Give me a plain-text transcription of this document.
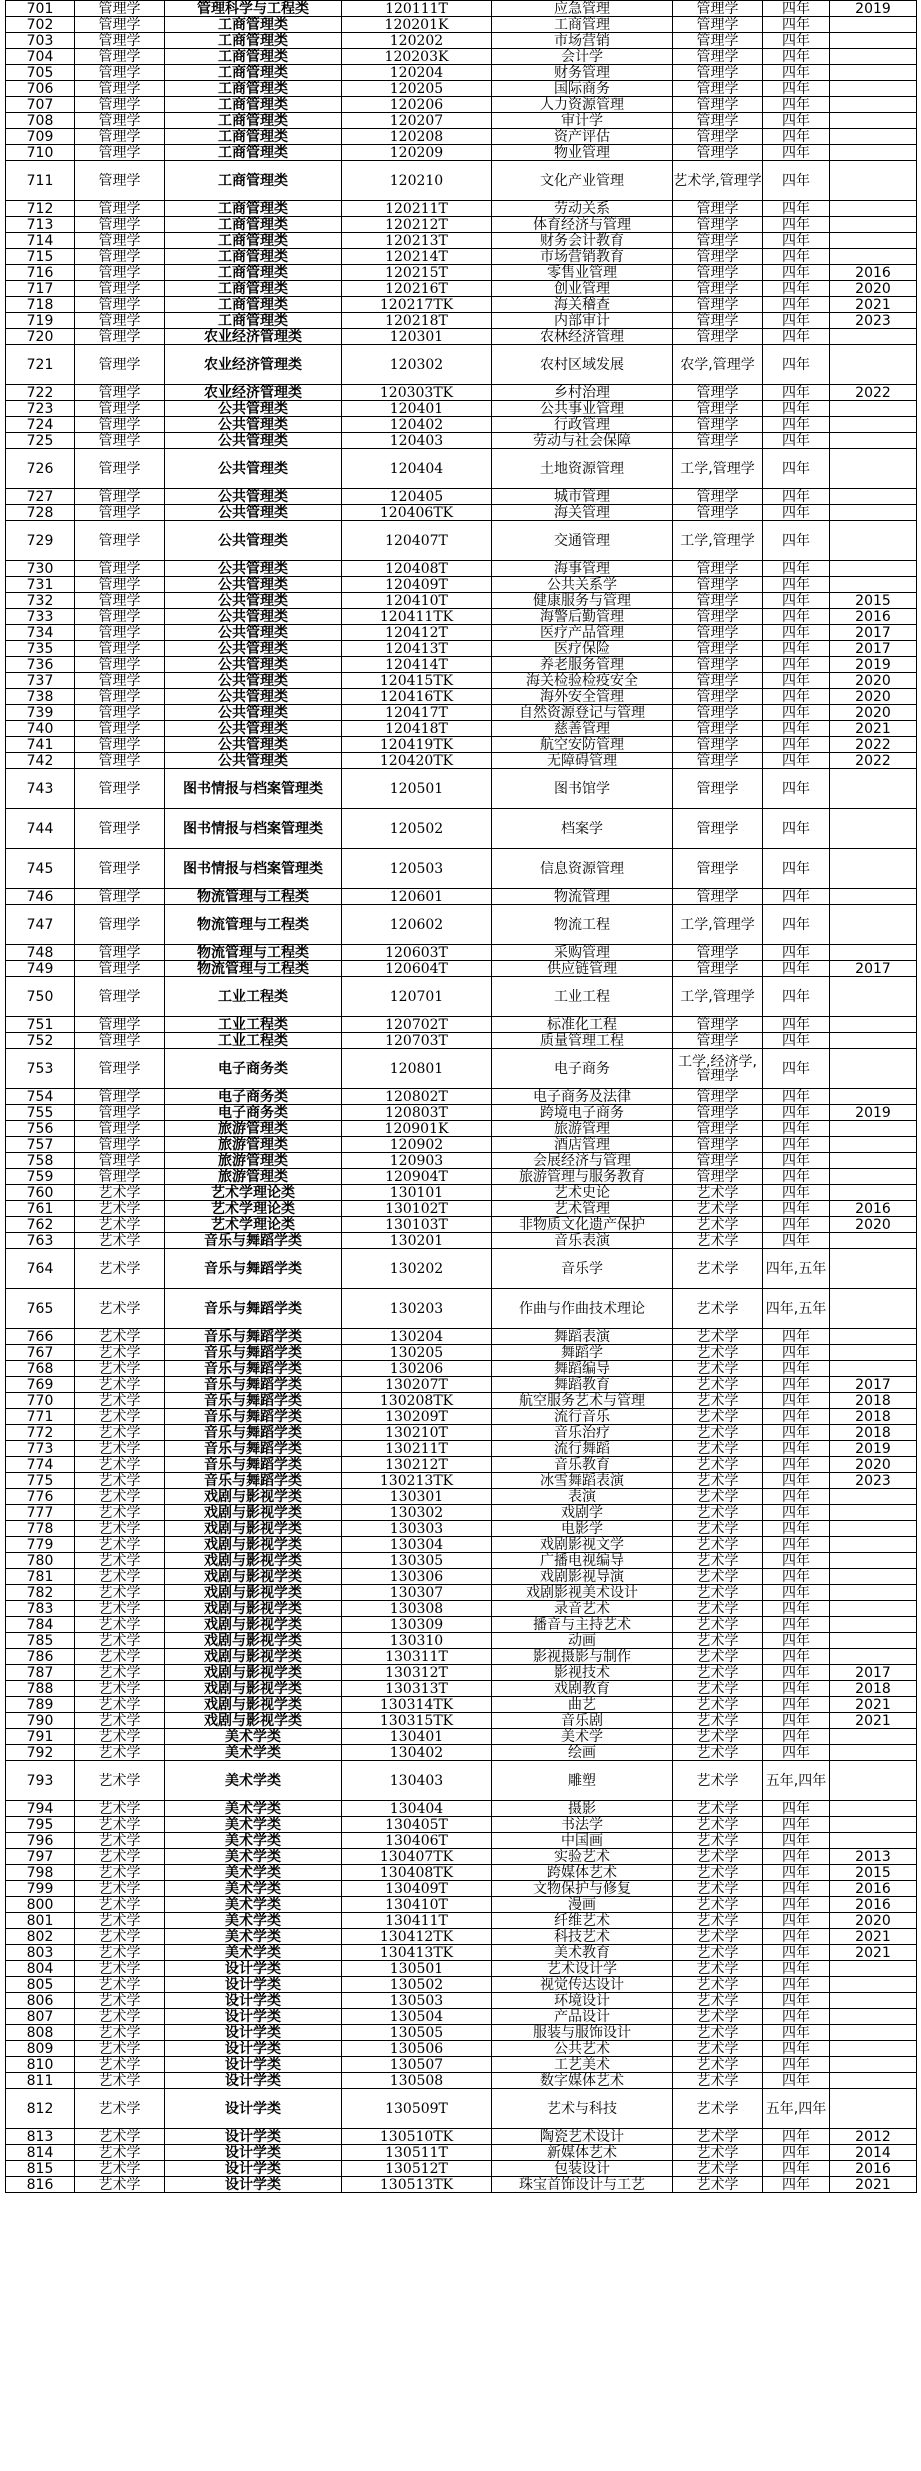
701	管理学	管理科学与工程类	120111T	应急管理	管理学	四年	2019
702	管理学	工商管理类	120201K	工商管理	管理学	四年	
703	管理学	工商管理类	120202	市场营销	管理学	四年	
704	管理学	工商管理类	120203K	会计学	管理学	四年	
705	管理学	工商管理类	120204	财务管理	管理学	四年	
706	管理学	工商管理类	120205	国际商务	管理学	四年	
707	管理学	工商管理类	120206	人力资源管理	管理学	四年	
708	管理学	工商管理类	120207	审计学	管理学	四年	
709	管理学	工商管理类	120208	资产评估	管理学	四年	
710	管理学	工商管理类	120209	物业管理	管理学	四年	
711	管理学	工商管理类	120210	文化产业管理	艺术学,管理学	四年	
712	管理学	工商管理类	120211T	劳动关系	管理学	四年	
713	管理学	工商管理类	120212T	体育经济与管理	管理学	四年	
714	管理学	工商管理类	120213T	财务会计教育	管理学	四年	
715	管理学	工商管理类	120214T	市场营销教育	管理学	四年	
716	管理学	工商管理类	120215T	零售业管理	管理学	四年	2016
717	管理学	工商管理类	120216T	创业管理	管理学	四年	2020
718	管理学	工商管理类	120217TK	海关稽查	管理学	四年	2021
719	管理学	工商管理类	120218T	内部审计	管理学	四年	2023
720	管理学	农业经济管理类	120301	农林经济管理	管理学	四年	
721	管理学	农业经济管理类	120302	农村区域发展	农学,管理学	四年	
722	管理学	农业经济管理类	120303TK	乡村治理	管理学	四年	2022
723	管理学	公共管理类	120401	公共事业管理	管理学	四年	
724	管理学	公共管理类	120402	行政管理	管理学	四年	
725	管理学	公共管理类	120403	劳动与社会保障	管理学	四年	
726	管理学	公共管理类	120404	土地资源管理	工学,管理学	四年	
727	管理学	公共管理类	120405	城市管理	管理学	四年	
728	管理学	公共管理类	120406TK	海关管理	管理学	四年	
729	管理学	公共管理类	120407T	交通管理	工学,管理学	四年	
730	管理学	公共管理类	120408T	海事管理	管理学	四年	
731	管理学	公共管理类	120409T	公共关系学	管理学	四年	
732	管理学	公共管理类	120410T	健康服务与管理	管理学	四年	2015
733	管理学	公共管理类	120411TK	海警后勤管理	管理学	四年	2016
734	管理学	公共管理类	120412T	医疗产品管理	管理学	四年	2017
735	管理学	公共管理类	120413T	医疗保险	管理学	四年	2017
736	管理学	公共管理类	120414T	养老服务管理	管理学	四年	2019
737	管理学	公共管理类	120415TK	海关检验检疫安全	管理学	四年	2020
738	管理学	公共管理类	120416TK	海外安全管理	管理学	四年	2020
739	管理学	公共管理类	120417T	自然资源登记与管理	管理学	四年	2020
740	管理学	公共管理类	120418T	慈善管理	管理学	四年	2021
741	管理学	公共管理类	120419TK	航空安防管理	管理学	四年	2022
742	管理学	公共管理类	120420TK	无障碍管理	管理学	四年	2022
743	管理学	图书情报与档案管理类	120501	图书馆学	管理学	四年	
744	管理学	图书情报与档案管理类	120502	档案学	管理学	四年	
745	管理学	图书情报与档案管理类	120503	信息资源管理	管理学	四年	
746	管理学	物流管理与工程类	120601	物流管理	管理学	四年	
747	管理学	物流管理与工程类	120602	物流工程	工学,管理学	四年	
748	管理学	物流管理与工程类	120603T	采购管理	管理学	四年	
749	管理学	物流管理与工程类	120604T	供应链管理	管理学	四年	2017
750	管理学	工业工程类	120701	工业工程	工学,管理学	四年	
751	管理学	工业工程类	120702T	标准化工程	管理学	四年	
752	管理学	工业工程类	120703T	质量管理工程	管理学	四年	
753	管理学	电子商务类	120801	电子商务	工学,经济学,管理学	四年	
754	管理学	电子商务类	120802T	电子商务及法律	管理学	四年	
755	管理学	电子商务类	120803T	跨境电子商务	管理学	四年	2019
756	管理学	旅游管理类	120901K	旅游管理	管理学	四年	
757	管理学	旅游管理类	120902	酒店管理	管理学	四年	
758	管理学	旅游管理类	120903	会展经济与管理	管理学	四年	
759	管理学	旅游管理类	120904T	旅游管理与服务教育	管理学	四年	
760	艺术学	艺术学理论类	130101	艺术史论	艺术学	四年	
761	艺术学	艺术学理论类	130102T	艺术管理	艺术学	四年	2016
762	艺术学	艺术学理论类	130103T	非物质文化遗产保护	艺术学	四年	2020
763	艺术学	音乐与舞蹈学类	130201	音乐表演	艺术学	四年	
764	艺术学	音乐与舞蹈学类	130202	音乐学	艺术学	四年,五年	
765	艺术学	音乐与舞蹈学类	130203	作曲与作曲技术理论	艺术学	四年,五年	
766	艺术学	音乐与舞蹈学类	130204	舞蹈表演	艺术学	四年	
767	艺术学	音乐与舞蹈学类	130205	舞蹈学	艺术学	四年	
768	艺术学	音乐与舞蹈学类	130206	舞蹈编导	艺术学	四年	
769	艺术学	音乐与舞蹈学类	130207T	舞蹈教育	艺术学	四年	2017
770	艺术学	音乐与舞蹈学类	130208TK	航空服务艺术与管理	艺术学	四年	2018
771	艺术学	音乐与舞蹈学类	130209T	流行音乐	艺术学	四年	2018
772	艺术学	音乐与舞蹈学类	130210T	音乐治疗	艺术学	四年	2018
773	艺术学	音乐与舞蹈学类	130211T	流行舞蹈	艺术学	四年	2019
774	艺术学	音乐与舞蹈学类	130212T	音乐教育	艺术学	四年	2020
775	艺术学	音乐与舞蹈学类	130213TK	冰雪舞蹈表演	艺术学	四年	2023
776	艺术学	戏剧与影视学类	130301	表演	艺术学	四年	
777	艺术学	戏剧与影视学类	130302	戏剧学	艺术学	四年	
778	艺术学	戏剧与影视学类	130303	电影学	艺术学	四年	
779	艺术学	戏剧与影视学类	130304	戏剧影视文学	艺术学	四年	
780	艺术学	戏剧与影视学类	130305	广播电视编导	艺术学	四年	
781	艺术学	戏剧与影视学类	130306	戏剧影视导演	艺术学	四年	
782	艺术学	戏剧与影视学类	130307	戏剧影视美术设计	艺术学	四年	
783	艺术学	戏剧与影视学类	130308	录音艺术	艺术学	四年	
784	艺术学	戏剧与影视学类	130309	播音与主持艺术	艺术学	四年	
785	艺术学	戏剧与影视学类	130310	动画	艺术学	四年	
786	艺术学	戏剧与影视学类	130311T	影视摄影与制作	艺术学	四年	
787	艺术学	戏剧与影视学类	130312T	影视技术	艺术学	四年	2017
788	艺术学	戏剧与影视学类	130313T	戏剧教育	艺术学	四年	2018
789	艺术学	戏剧与影视学类	130314TK	曲艺	艺术学	四年	2021
790	艺术学	戏剧与影视学类	130315TK	音乐剧	艺术学	四年	2021
791	艺术学	美术学类	130401	美术学	艺术学	四年	
792	艺术学	美术学类	130402	绘画	艺术学	四年	
793	艺术学	美术学类	130403	雕塑	艺术学	五年,四年	
794	艺术学	美术学类	130404	摄影	艺术学	四年	
795	艺术学	美术学类	130405T	书法学	艺术学	四年	
796	艺术学	美术学类	130406T	中国画	艺术学	四年	
797	艺术学	美术学类	130407TK	实验艺术	艺术学	四年	2013
798	艺术学	美术学类	130408TK	跨媒体艺术	艺术学	四年	2015
799	艺术学	美术学类	130409T	文物保护与修复	艺术学	四年	2016
800	艺术学	美术学类	130410T	漫画	艺术学	四年	2016
801	艺术学	美术学类	130411T	纤维艺术	艺术学	四年	2020
802	艺术学	美术学类	130412TK	科技艺术	艺术学	四年	2021
803	艺术学	美术学类	130413TK	美术教育	艺术学	四年	2021
804	艺术学	设计学类	130501	艺术设计学	艺术学	四年	
805	艺术学	设计学类	130502	视觉传达设计	艺术学	四年	
806	艺术学	设计学类	130503	环境设计	艺术学	四年	
807	艺术学	设计学类	130504	产品设计	艺术学	四年	
808	艺术学	设计学类	130505	服装与服饰设计	艺术学	四年	
809	艺术学	设计学类	130506	公共艺术	艺术学	四年	
810	艺术学	设计学类	130507	工艺美术	艺术学	四年	
811	艺术学	设计学类	130508	数字媒体艺术	艺术学	四年	
812	艺术学	设计学类	130509T	艺术与科技	艺术学	五年,四年	
813	艺术学	设计学类	130510TK	陶瓷艺术设计	艺术学	四年	2012
814	艺术学	设计学类	130511T	新媒体艺术	艺术学	四年	2014
815	艺术学	设计学类	130512T	包装设计	艺术学	四年	2016
816	艺术学	设计学类	130513TK	珠宝首饰设计与工艺	艺术学	四年	2021
